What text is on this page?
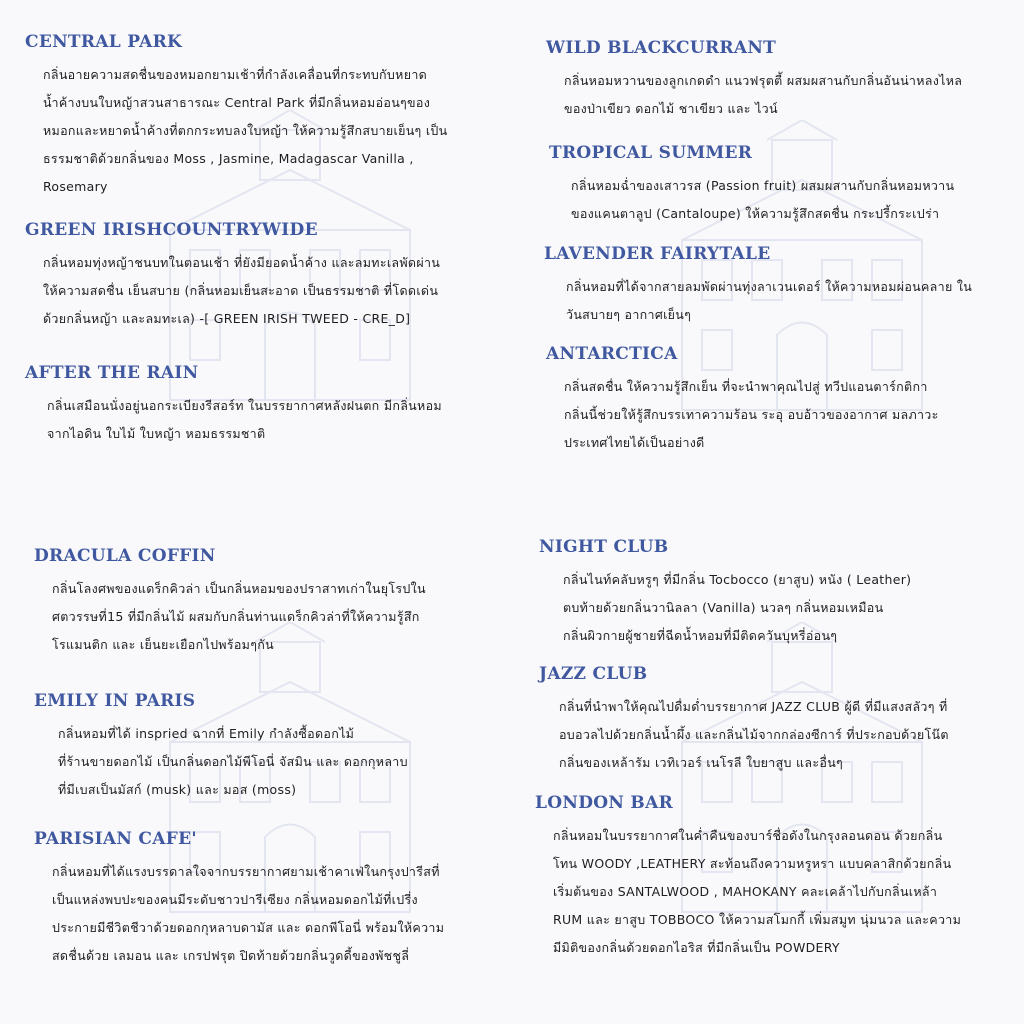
CENTRAL PARK
กลิ่นอายความสดชื่นของหมอกยามเช้าที่กำลังเคลื่อนที่กระทบกับหยาด
น้ำค้างบนใบหญ้าสวนสาธารณะ Central Park ที่มีกลิ่นหอมอ่อนๆของ
หมอกและหยาดน้ำค้างที่ตกกระทบลงใบหญ้า ให้ความรู้สึกสบายเย็นๆ เป็น
ธรรมชาติด้วยกลิ่นของ Moss , Jasmine, Madagascar Vanilla ,
Rosemary
GREEN IRISHCOUNTRYWIDE
กลิ่นหอมทุ่งหญ้าชนบทในตอนเช้า ที่ยังมียอดน้ำค้าง และลมทะเลพัดผ่าน
ให้ความสดชื่น เย็นสบาย (กลิ่นหอมเย็นสะอาด เป็นธรรมชาติ ที่โดดเด่น
ด้วยกลิ่นหญ้า และลมทะเล) -[ GREEN IRISH TWEED - CRE_D]
AFTER THE RAIN
กลิ่นเสมือนนั่งอยู่นอกระเบียงรีสอร์ท ในบรรยากาศหลังฝนตก มีกลิ่นหอม
จากไอดิน ใบไม้ ใบหญ้า หอมธรรมชาติ
WILD BLACKCURRANT
กลิ่นหอมหวานของลูกเกดดำ แนวฟรุตตี้ ผสมผสานกับกลิ่นอันน่าหลงไหล
ของป่าเขียว ดอกไม้ ชาเขียว และ ไวน์
TROPICAL SUMMER
กลิ่นหอมฉ่ำของเสาวรส (Passion fruit) ผสมผสานกับกลิ่นหอมหวาน
ของแคนตาลูป (Cantaloupe) ให้ความรู้สึกสดชื่น กระปรี้กระเปร่า
LAVENDER FAIRYTALE
กลิ่นหอมที่ได้จากสายลมพัดผ่านทุ่งลาเวนเดอร์ ให้ความหอมผ่อนคลาย ใน
วันสบายๆ อากาศเย็นๆ
ANTARCTICA
กลิ่นสดชื่น ให้ความรู้สึกเย็น ที่จะนำพาคุณไปสู่ ทวีปแอนตาร์กติกา
กลิ่นนี้ช่วยให้รู้สึกบรรเทาความร้อน ระอุ อบอ้าวของอากาศ มลภาวะ
ประเทศไทยได้เป็นอย่างดี
DRACULA COFFIN
กลิ่นโลงศพของแดร็กคิวล่า เป็นกลิ่นหอมของปราสาทเก่าในยุโรปใน
ศตวรรษที่15 ที่มีกลิ่นไม้ ผสมกับกลิ่นท่านแดร็กคิวล่าที่ให้ความรู้สึก
โรแมนติก และ เย็นยะเยือกไปพร้อมๆกัน
EMILY IN PARIS
กลิ่นหอมที่ได้ inspried ฉากที่ Emily กำลังซื้อดอกไม้
ที่ร้านขายดอกไม้ เป็นกลิ่นดอกไม้พีโอนี่ จัสมิน และ ดอกกุหลาบ
ที่มีเบสเป็นมัสก์ (musk) และ มอส (moss)
PARISIAN CAFE'
กลิ่นหอมที่ได้แรงบรรดาลใจจากบรรยากาศยามเช้าคาเฟ่ในกรุงปารีสที่
เป็นแหล่งพบปะของคนมีระดับชาวปารีเซียง กลิ่นหอมดอกไม้ที่เปรี่ง
ประกายมีชีวิตชีวาด้วยดอกกุหลาบดามัส และ ดอกพีโอนี่ พร้อมให้ความ
สดชื่นด้วย เลมอน และ เกรปฟรุต ปิดท้ายด้วยกลิ่นวูดดี้ของพัชชูลี่
NIGHT CLUB
กลิ่นไนท์คลับหรูๆ ที่มีกลิ่น Tocbocco (ยาสูบ) หนัง ( Leather)
ตบท้ายด้วยกลิ่นวานิลลา (Vanilla) นวลๆ กลิ่นหอมเหมือน
กลิ่นผิวกายผู้ชายที่ฉีดน้ำหอมที่มีติดควันบุหรี่อ่อนๆ
JAZZ CLUB
กลิ่นที่นำพาให้คุณไปดื่มด่ำบรรยากาศ JAZZ CLUB ผู้ดี ที่มีแสงสลัวๆ ที่
อบอวลไปด้วยกลิ่นน้ำผึ้ง และกลิ่นไม้จากกล่องซีการ์ ที่ประกอบด้วยโน๊ต
กลิ่นของเหล้ารัม เวทิเวอร์ เนโรลี ใบยาสูบ และอื่นๆ
LONDON BAR
กลิ่นหอมในบรรยากาศในค่ำคืนของบาร์ชื่อดังในกรุงลอนดอน ด้วยกลิ่น
โทน WOODY ,LEATHERY สะท้อนถึงความหรูหรา แบบคลาสิกด้วยกลิ่น
เริ่มต้นของ SANTALWOOD , MAHOKANY คละเคล้าไปกับกลิ่นเหล้า
RUM และ ยาสูบ TOBBOCO ให้ความสโมกกี้ เพิ่มสมูท นุ่มนวล และความ
มีมิติของกลิ่นด้วยดอกไอริส ที่มีกลิ่นเป็น POWDERY
